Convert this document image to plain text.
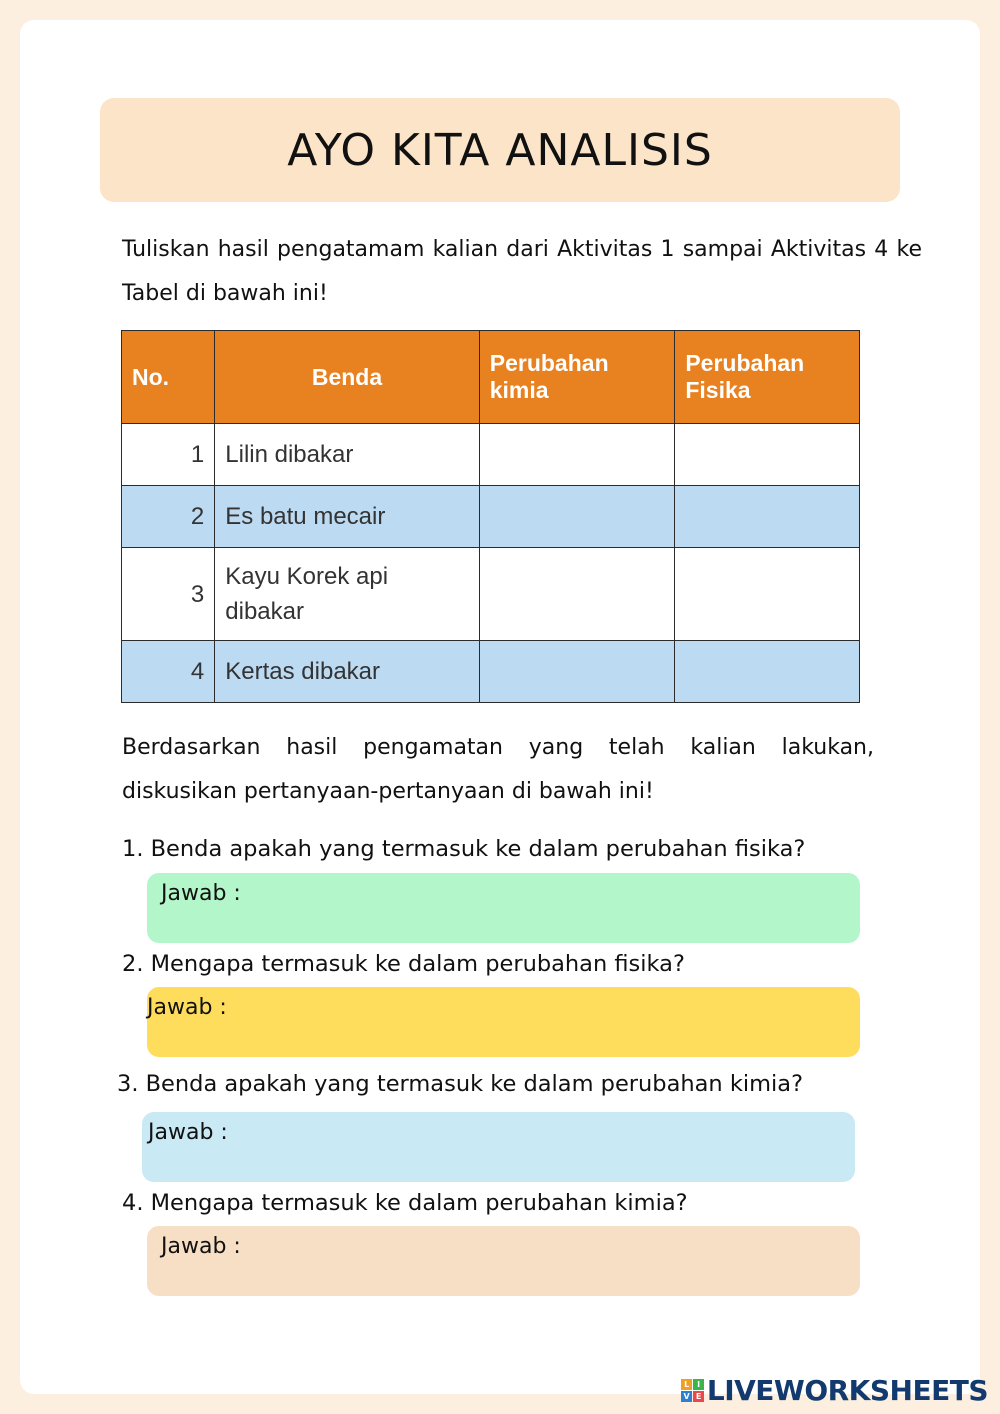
AYO KITA ANALISIS

Tuliskan hasil pengatamam kalian dari Aktivitas 1 sampai Aktivitas 4 ke Tabel di bawah ini!

No.	Benda	Perubahan kimia	Perubahan Fisika
1	Lilin dibakar		
2	Es batu mecair		
3	Kayu Korek api dibakar		
4	Kertas dibakar		

Berdasarkan hasil pengamatan yang telah kalian lakukan, diskusikan pertanyaan-pertanyaan di bawah ini!

1. Benda apakah yang termasuk ke dalam perubahan fisika?

Jawab :

2. Mengapa termasuk ke dalam perubahan fisika?

Jawab :

3. Benda apakah yang termasuk ke dalam perubahan kimia?

Jawab :

4. Mengapa termasuk ke dalam perubahan kimia?

Jawab :
L	I
V E LIVEWORKSHEETS
